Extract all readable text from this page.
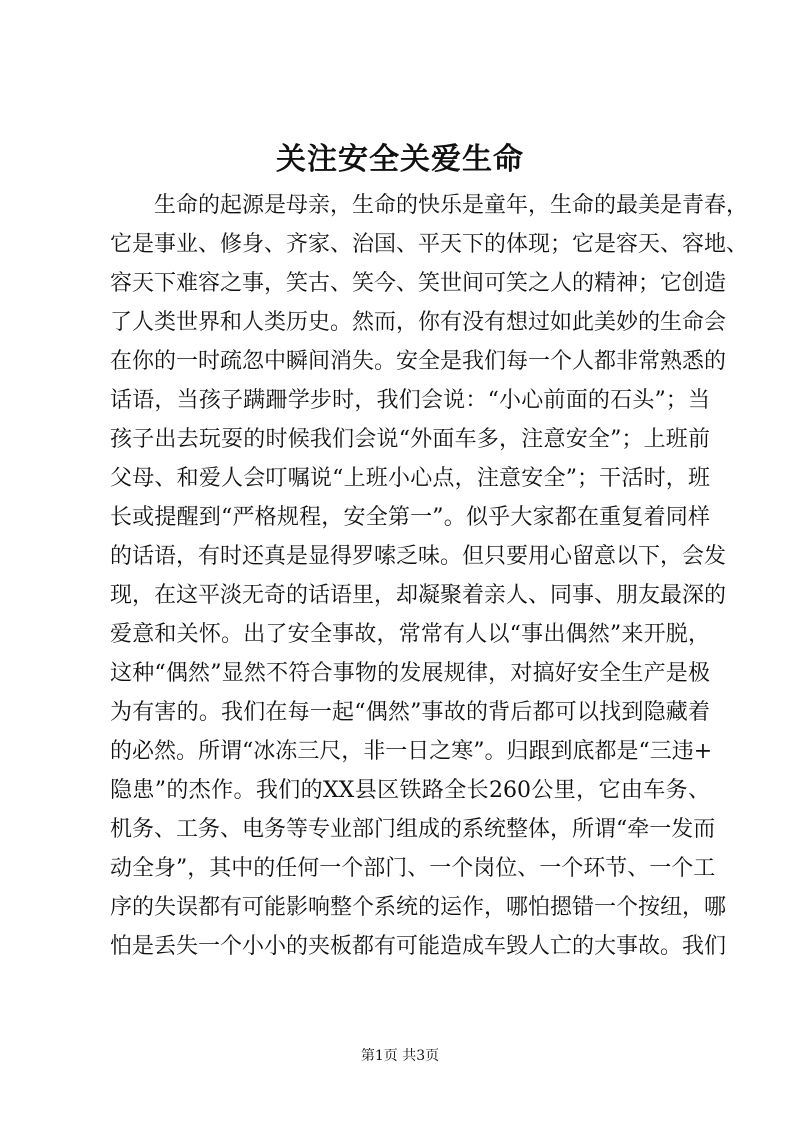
关注安全关爱生命
生命的起源是母亲，生命的快乐是童年，生命的最美是青春，
它是事业、修身、齐家、治国、平天下的体现；它是容天、容地、
容天下难容之事，笑古、笑今、笑世间可笑之人的精神；它创造
了人类世界和人类历史。然而，你有没有想过如此美妙的生命会
在你的一时疏忽中瞬间消失。安全是我们每一个人都非常熟悉的
话语，当孩子蹒跚学步时，我们会说：“小心前面的石头”；当
孩子出去玩耍的时候我们会说“外面车多，注意安全”；上班前
父母、和爱人会叮嘱说“上班小心点，注意安全”；干活时，班
长或提醒到“严格规程，安全第一”。似乎大家都在重复着同样
的话语，有时还真是显得罗嗦乏味。但只要用心留意以下，会发
现，在这平淡无奇的话语里，却凝聚着亲人、同事、朋友最深的
爱意和关怀。出了安全事故，常常有人以“事出偶然”来开脱，
这种“偶然”显然不符合事物的发展规律，对搞好安全生产是极
为有害的。我们在每一起“偶然”事故的背后都可以找到隐藏着
的必然。所谓“冰冻三尺，非一日之寒”。归跟到底都是“三违+
隐患”的杰作。我们的XX县区铁路全长260公里，它由车务、
机务、工务、电务等专业部门组成的系统整体，所谓“牵一发而
动全身”，其中的任何一个部门、一个岗位、一个环节、一个工
序的失误都有可能影响整个系统的运作，哪怕摁错一个按纽，哪
怕是丢失一个小小的夹板都有可能造成车毁人亡的大事故。我们
第1页 共3页
